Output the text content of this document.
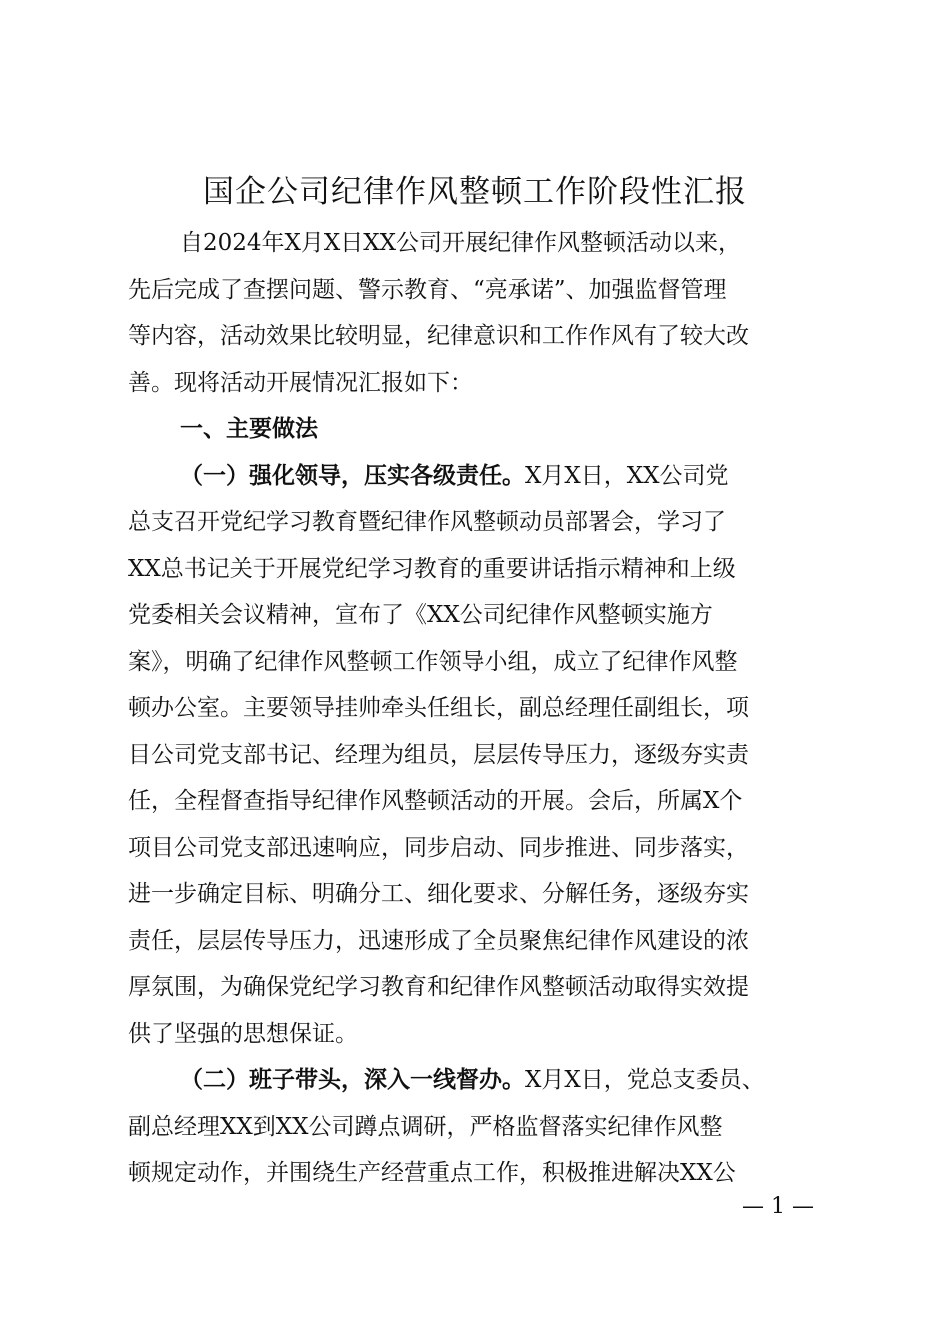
国企公司纪律作风整顿工作阶段性汇报
自2024年X月X日XX公司开展纪律作风整顿活动以来，
先后完成了查摆问题、警示教育、“亮承诺”、加强监督管理
等内容，活动效果比较明显，纪律意识和工作作风有了较大改
善。现将活动开展情况汇报如下：
一、主要做法
（一）强化领导，压实各级责任。X月X日，XX公司党
总支召开党纪学习教育暨纪律作风整顿动员部署会，学习了
XX总书记关于开展党纪学习教育的重要讲话指示精神和上级
党委相关会议精神，宣布了《XX公司纪律作风整顿实施方
案》，明确了纪律作风整顿工作领导小组，成立了纪律作风整
顿办公室。主要领导挂帅牵头任组长，副总经理任副组长，项
目公司党支部书记、经理为组员，层层传导压力，逐级夯实责
任，全程督查指导纪律作风整顿活动的开展。会后，所属X个
项目公司党支部迅速响应，同步启动、同步推进、同步落实，
进一步确定目标、明确分工、细化要求、分解任务，逐级夯实
责任，层层传导压力，迅速形成了全员聚焦纪律作风建设的浓
厚氛围，为确保党纪学习教育和纪律作风整顿活动取得实效提
供了坚强的思想保证。
（二）班子带头，深入一线督办。X月X日，党总支委员、
副总经理XX到XX公司蹲点调研，严格监督落实纪律作风整
顿规定动作，并围绕生产经营重点工作，积极推进解决XX公
— 1 —
